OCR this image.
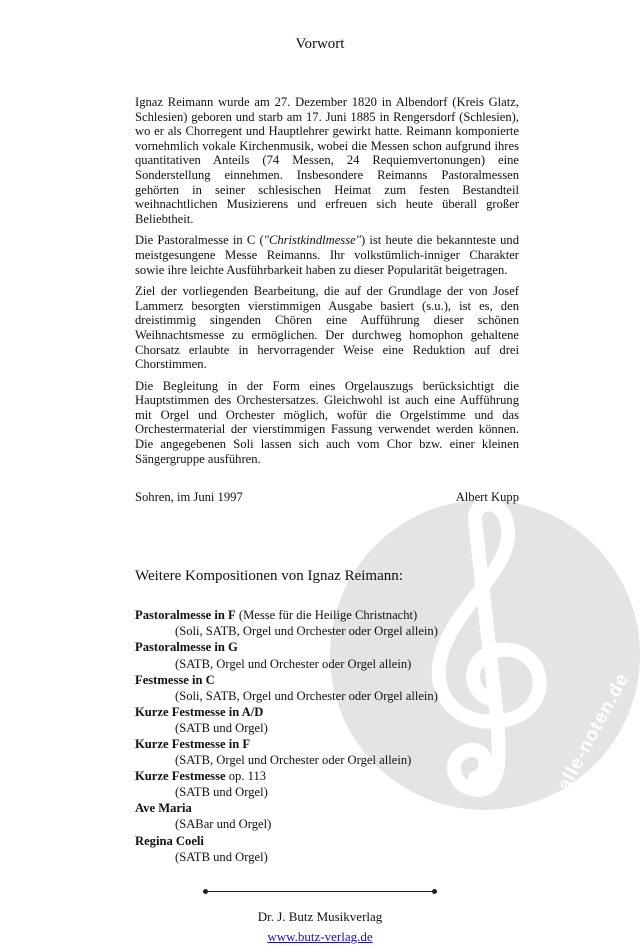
alle-noten.de
Vorwort

Ignaz Reimann wurde am 27. Dezember 1820 in Albendorf (Kreis Glatz, Schlesien) geboren und starb am 17. Juni 1885 in Rengersdorf (Schlesien), wo er als Chorregent und Hauptlehrer gewirkt hatte. Reimann komponierte vornehmlich vokale Kirchenmusik, wobei die Messen schon aufgrund ihres quantitativen Anteils (74 Messen, 24 Requiemvertonungen) eine Sonderstellung einnehmen. Insbesondere Reimanns Pastoralmessen gehörten in seiner schlesischen Heimat zum festen Bestandteil weihnachtlichen Musizierens und erfreuen sich heute überall großer Beliebtheit.

Die Pastoralmesse in C ("Christkindlmesse") ist heute die bekannteste und meistgesungene Messe Reimanns. Ihr volkstümlich-inniger Charakter sowie ihre leichte Ausführbarkeit haben zu dieser Popularität beigetragen.

Ziel der vorliegenden Bearbeitung, die auf der Grundlage der von Josef Lammerz besorgten vierstimmigen Ausgabe basiert (s.u.), ist es, den dreistimmig singenden Chören eine Aufführung dieser schönen Weihnachtsmesse zu ermöglichen. Der durchweg homophon gehaltene Chorsatz erlaubte in hervorragender Weise eine Reduktion auf drei Chorstimmen.

Die Begleitung in der Form eines Orgelauszugs berücksichtigt die Hauptstimmen des Orchestersatzes. Gleichwohl ist auch eine Aufführung mit Orgel und Orchester möglich, wofür die Orgelstimme und das Orchestermaterial der vierstimmigen Fassung verwendet werden können. Die angegebenen Soli lassen sich auch vom Chor bzw. einer kleinen Sängergruppe ausführen.

Sohren, im Juni 1997	Albert Kupp
Weitere Kompositionen von Ignaz Reimann:
Pastoralmesse in F (Messe für die Heilige Christnacht)
(Soli, SATB, Orgel und Orchester oder Orgel allein)
Pastoralmesse in G
(SATB, Orgel und Orchester oder Orgel allein)
Festmesse in C
(Soli, SATB, Orgel und Orchester oder Orgel allein)
Kurze Festmesse in A/D
(SATB und Orgel)
Kurze Festmesse in F
(SATB, Orgel und Orchester oder Orgel allein)
Kurze Festmesse op. 113
(SATB und Orgel)
Ave Maria
(SABar und Orgel)
Regina Coeli
(SATB und Orgel)
Dr. J. Butz Musikverlag
www.butz-verlag.de
